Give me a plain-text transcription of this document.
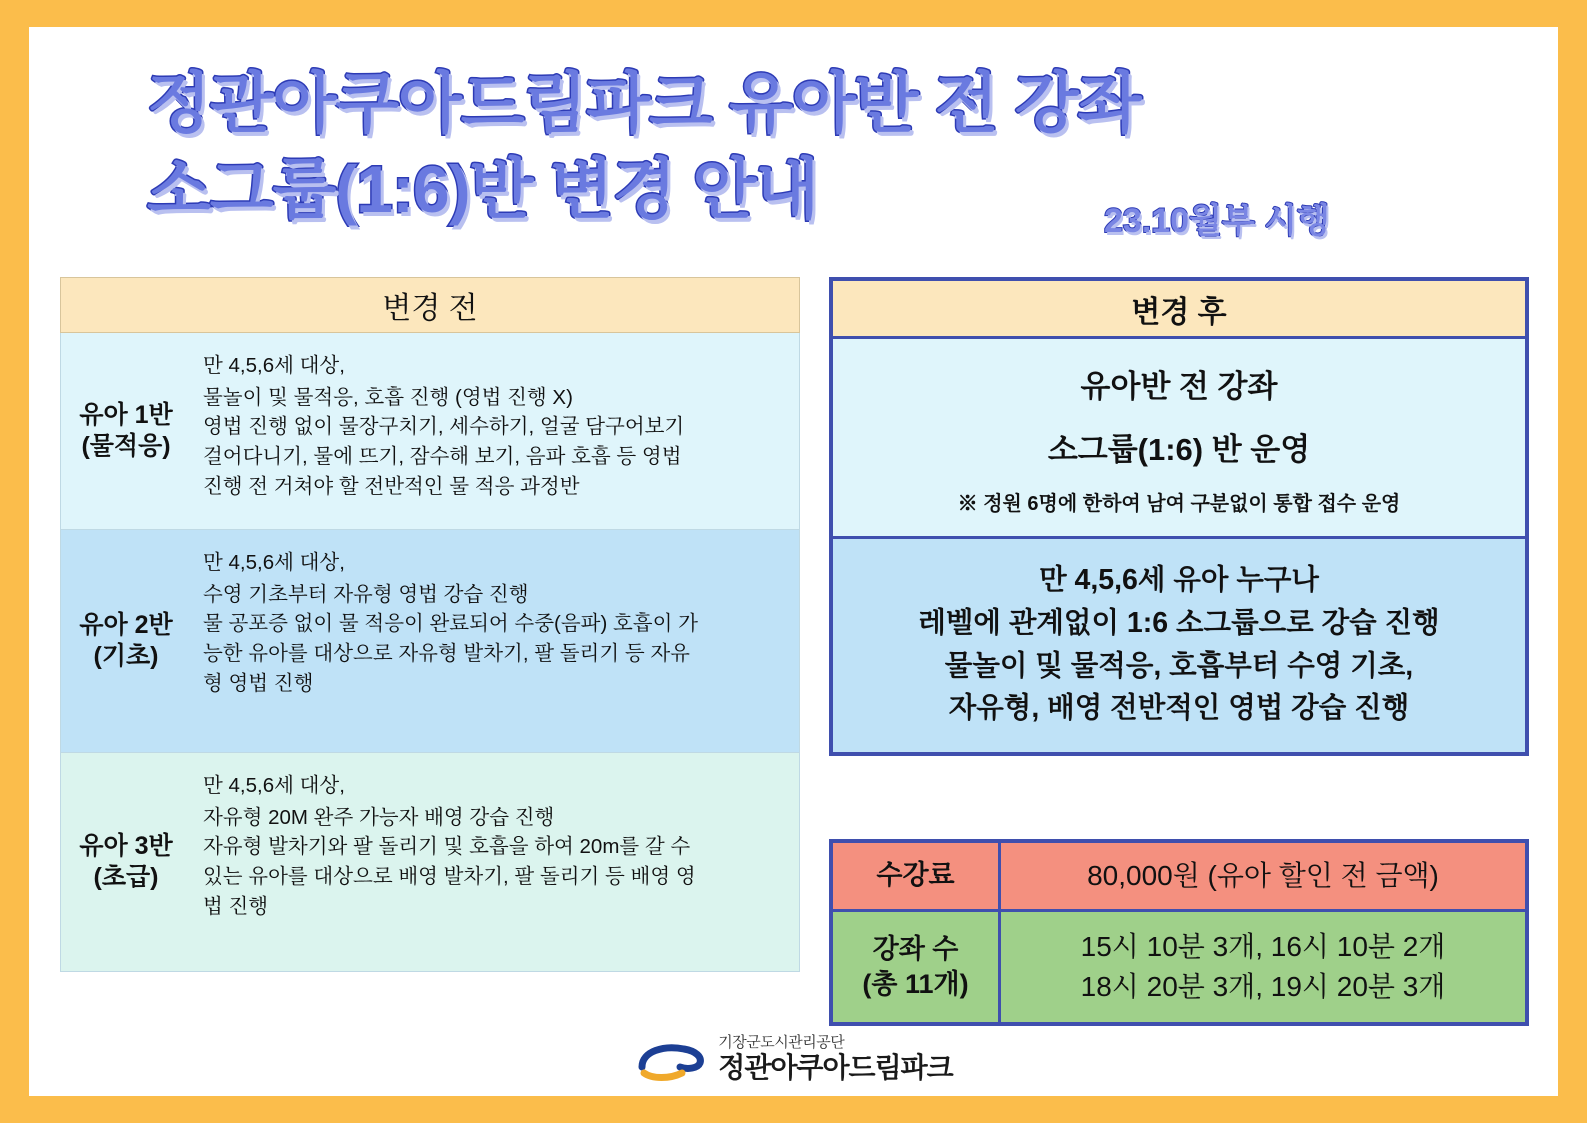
정관아쿠아드림파크 유아반 전 강좌
소그룹(1:6)반 변경 안내	23.10월부 시행
변경 전
유아 1반
(물적응)
만 4,5,6세 대상,
물놀이 및 물적응, 호흡 진행 (영법 진행 X)
영법 진행 없이 물장구치기, 세수하기, 얼굴 담구어보기
걸어다니기, 물에 뜨기, 잠수해 보기, 음파 호흡 등 영법
진행 전 거쳐야 할 전반적인 물 적응 과정반
유아 2반
(기초)
만 4,5,6세 대상,
수영 기초부터 자유형 영법 강습 진행
물 공포증 없이 물 적응이 완료되어 수중(음파) 호흡이 가
능한 유아를 대상으로 자유형 발차기, 팔 돌리기 등 자유
형 영법 진행
유아 3반
(초급)
만 4,5,6세 대상,
자유형 20M 완주 가능자 배영 강습 진행
자유형 발차기와 팔 돌리기 및 호흡을 하여 20m를 갈 수
있는 유아를 대상으로 배영 발차기, 팔 돌리기 등 배영 영
법 진행
변경 후
유아반 전 강좌
소그룹(1:6) 반 운영
※ 정원 6명에 한하여 남여 구분없이 통합 접수 운영
만 4,5,6세 유아 누구나
레벨에 관계없이 1:6 소그룹으로 강습 진행
물놀이 및 물적응, 호흡부터 수영 기초,
자유형, 배영 전반적인 영법 강습 진행
수강료	80,000원 (유아 할인 전 금액)
강좌 수
(총 11개)
15시 10분 3개, 16시 10분 2개
18시 20분 3개, 19시 20분 3개
기장군도시관리공단
정관아쿠아드림파크
